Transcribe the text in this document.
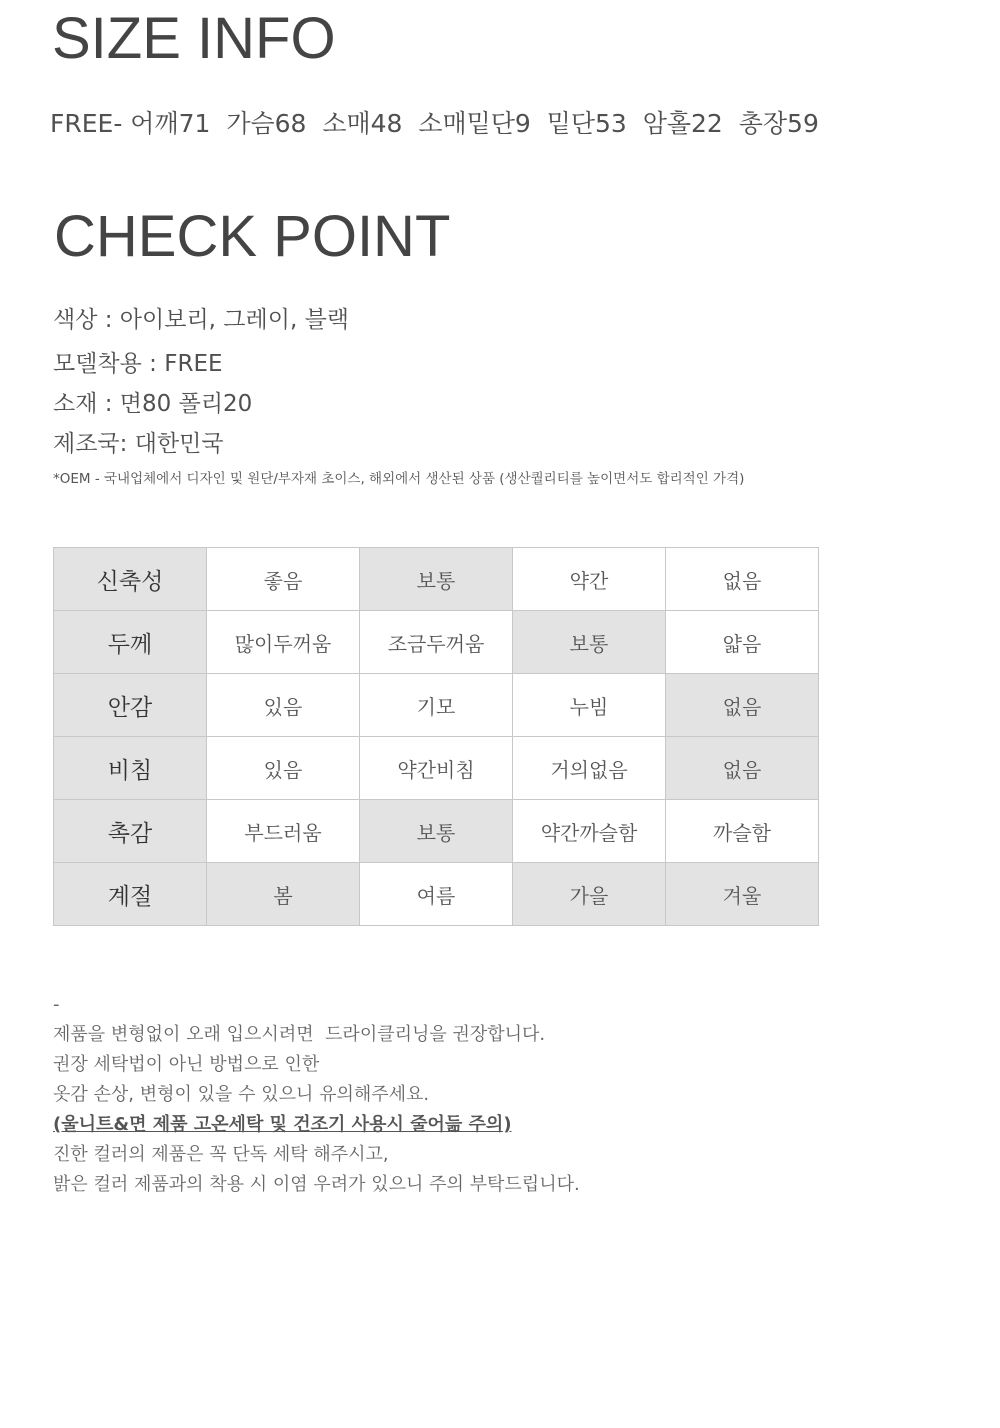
SIZE INFO
FREE- 어깨71  가슴68  소매48  소매밑단9  밑단53  암홀22  총장59
CHECK POINT
색상 : 아이보리, 그레이, 블랙
모델착용 : FREE
소재 : 면80 폴리20
제조국: 대한민국
*OEM - 국내업체에서 디자인 및 원단/부자재 초이스, 해외에서 생산된 상품 (생산퀄리티를 높이면서도 합리적인 가격)
신축성	좋음	보통	약간	없음
두께	많이두꺼움	조금두꺼움	보통	얇음
안감	있음	기모	누빔	없음
비침	있음	약간비침	거의없음	없음
촉감	부드러움	보통	약간까슬함	까슬함
계절	봄	여름	가을	겨울
-
제품을 변형없이 오래 입으시려면  드라이클리닝을 권장합니다.
권장 세탁법이 아닌 방법으로 인한
옷감 손상, 변형이 있을 수 있으니 유의해주세요.
(울니트&면 제품 고온세탁 및 건조기 사용시 줄어듦 주의)
진한 컬러의 제품은 꼭 단독 세탁 해주시고,
밝은 컬러 제품과의 착용 시 이염 우려가 있으니 주의 부탁드립니다.
